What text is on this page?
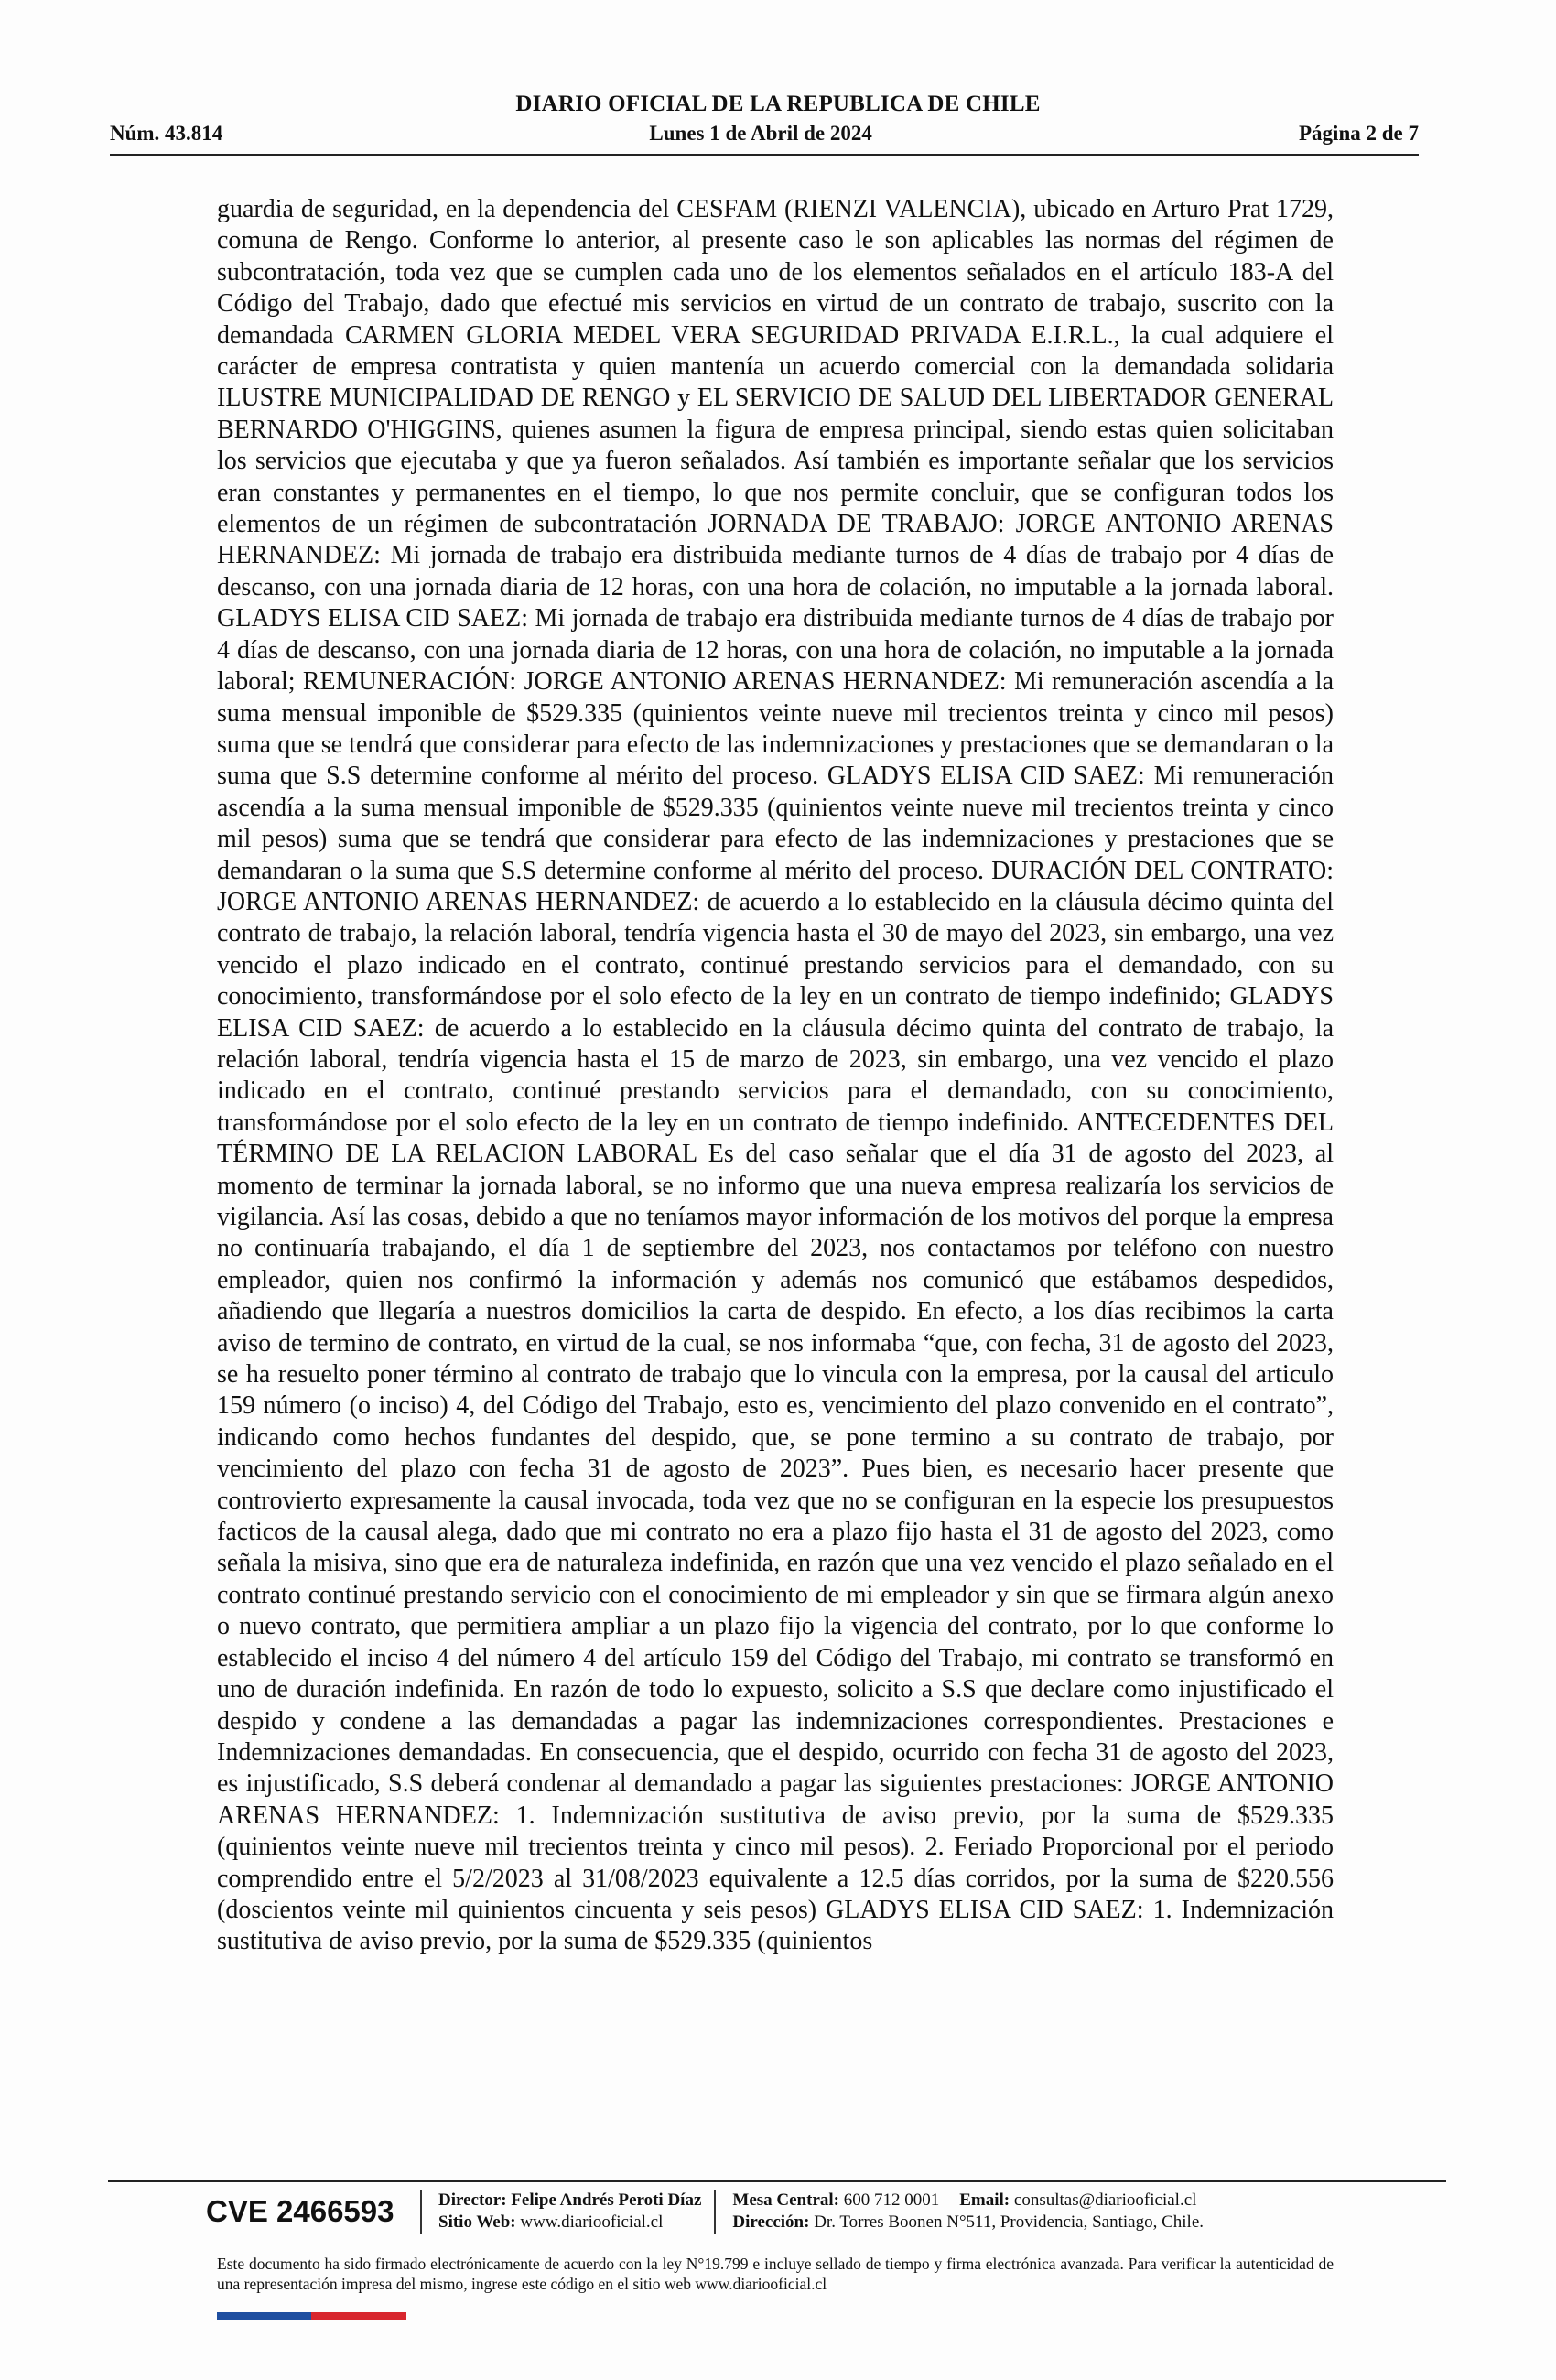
DIARIO OFICIAL DE LA REPUBLICA DE CHILE
Núm. 43.814	Lunes 1 de Abril de 2024	Página 2 de 7
guardia de seguridad, en la dependencia del CESFAM (RIENZI VALENCIA), ubicado en Arturo Prat 1729, comuna de Rengo. Conforme lo anterior, al presente caso le son aplicables las normas del régimen de subcontratación, toda vez que se cumplen cada uno de los elementos señalados en el artículo 183-A del Código del Trabajo, dado que efectué mis servicios en virtud de un contrato de trabajo, suscrito con la demandada CARMEN GLORIA MEDEL VERA SEGURIDAD PRIVADA E.I.R.L., la cual adquiere el carácter de empresa contratista y quien mantenía un acuerdo comercial con la demandada solidaria ILUSTRE MUNICIPALIDAD DE RENGO y EL SERVICIO DE SALUD DEL LIBERTADOR GENERAL BERNARDO O'HIGGINS, quienes asumen la figura de empresa principal, siendo estas quien solicitaban los servicios que ejecutaba y que ya fueron señalados. Así también es importante señalar que los servicios eran constantes y permanentes en el tiempo, lo que nos permite concluir, que se configuran todos los elementos de un régimen de subcontratación JORNADA DE TRABAJO: JORGE ANTONIO ARENAS HERNANDEZ: Mi jornada de trabajo era distribuida mediante turnos de 4 días de trabajo por 4 días de descanso, con una jornada diaria de 12 horas, con una hora de colación, no imputable a la jornada laboral. GLADYS ELISA CID SAEZ: Mi jornada de trabajo era distribuida mediante turnos de 4 días de trabajo por 4 días de descanso, con una jornada diaria de 12 horas, con una hora de colación, no imputable a la jornada laboral; REMUNERACIÓN: JORGE ANTONIO ARENAS HERNANDEZ: Mi remuneración ascendía a la suma mensual imponible de $529.335 (quinientos veinte nueve mil trecientos treinta y cinco mil pesos) suma que se tendrá que considerar para efecto de las indemnizaciones y prestaciones que se demandaran o la suma que S.S determine conforme al mérito del proceso. GLADYS ELISA CID SAEZ: Mi remuneración ascendía a la suma mensual imponible de $529.335 (quinientos veinte nueve mil trecientos treinta y cinco mil pesos) suma que se tendrá que considerar para efecto de las indemnizaciones y prestaciones que se demandaran o la suma que S.S determine conforme al mérito del proceso. DURACIÓN DEL CONTRATO: JORGE ANTONIO ARENAS HERNANDEZ: de acuerdo a lo establecido en la cláusula décimo quinta del contrato de trabajo, la relación laboral, tendría vigencia hasta el 30 de mayo del 2023, sin embargo, una vez vencido el plazo indicado en el contrato, continué prestando servicios para el demandado, con su conocimiento, transformándose por el solo efecto de la ley en un contrato de tiempo indefinido; GLADYS ELISA CID SAEZ: de acuerdo a lo establecido en la cláusula décimo quinta del contrato de trabajo, la relación laboral, tendría vigencia hasta el 15 de marzo de 2023, sin embargo, una vez vencido el plazo indicado en el contrato, continué prestando servicios para el demandado, con su conocimiento, transformándose por el solo efecto de la ley en un contrato de tiempo indefinido. ANTECEDENTES DEL TÉRMINO DE LA RELACION LABORAL Es del caso señalar que el día 31 de agosto del 2023, al momento de terminar la jornada laboral, se no informo que una nueva empresa realizaría los servicios de vigilancia. Así las cosas, debido a que no teníamos mayor información de los motivos del porque la empresa no continuaría trabajando, el día 1 de septiembre del 2023, nos contactamos por teléfono con nuestro empleador, quien nos confirmó la información y además nos comunicó que estábamos despedidos, añadiendo que llegaría a nuestros domicilios la carta de despido. En efecto, a los días recibimos la carta aviso de termino de contrato, en virtud de la cual, se nos informaba “que, con fecha, 31 de agosto del 2023, se ha resuelto poner término al contrato de trabajo que lo vincula con la empresa, por la causal del articulo 159 número (o inciso) 4, del Código del Trabajo, esto es, vencimiento del plazo convenido en el contrato”, indicando como hechos fundantes del despido, que, se pone termino a su contrato de trabajo, por vencimiento del plazo con fecha 31 de agosto de 2023”. Pues bien, es necesario hacer presente que controvierto expresamente la causal invocada, toda vez que no se configuran en la especie los presupuestos facticos de la causal alega, dado que mi contrato no era a plazo fijo hasta el 31 de agosto del 2023, como señala la misiva, sino que era de naturaleza indefinida, en razón que una vez vencido el plazo señalado en el contrato continué prestando servicio con el conocimiento de mi empleador y sin que se firmara algún anexo o nuevo contrato, que permitiera ampliar a un plazo fijo la vigencia del contrato, por lo que conforme lo establecido el inciso 4 del número 4 del artículo 159 del Código del Trabajo, mi contrato se transformó en uno de duración indefinida. En razón de todo lo expuesto, solicito a S.S que declare como injustificado el despido y condene a las demandadas a pagar las indemnizaciones correspondientes. Prestaciones e Indemnizaciones demandadas. En consecuencia, que el despido, ocurrido con fecha 31 de agosto del 2023, es injustificado, S.S deberá condenar al demandado a pagar las siguientes prestaciones: JORGE ANTONIO ARENAS HERNANDEZ: 1. Indemnización sustitutiva de aviso previo, por la suma de $529.335 (quinientos veinte nueve mil trecientos treinta y cinco mil pesos). 2. Feriado Proporcional por el periodo comprendido entre el 5/2/2023 al 31/08/2023 equivalente a 12.5 días corridos, por la suma de $220.556 (doscientos veinte mil quinientos cincuenta y seis pesos) GLADYS ELISA CID SAEZ: 1. Indemnización sustitutiva de aviso previo, por la suma de $529.335 (quinientos
CVE 2466593	Director: Felipe Andrés Peroti Díaz
Sitio Web: www.diariooficial.cl
Mesa Central: 600 712 0001 Email: consultas@diariooficial.cl
Dirección: Dr. Torres Boonen N°511, Providencia, Santiago, Chile.
Este documento ha sido firmado electrónicamente de acuerdo con la ley N°19.799 e incluye sellado de tiempo y firma electrónica avanzada. Para verificar la autenticidad de una representación impresa del mismo, ingrese este código en el sitio web www.diariooficial.cl
